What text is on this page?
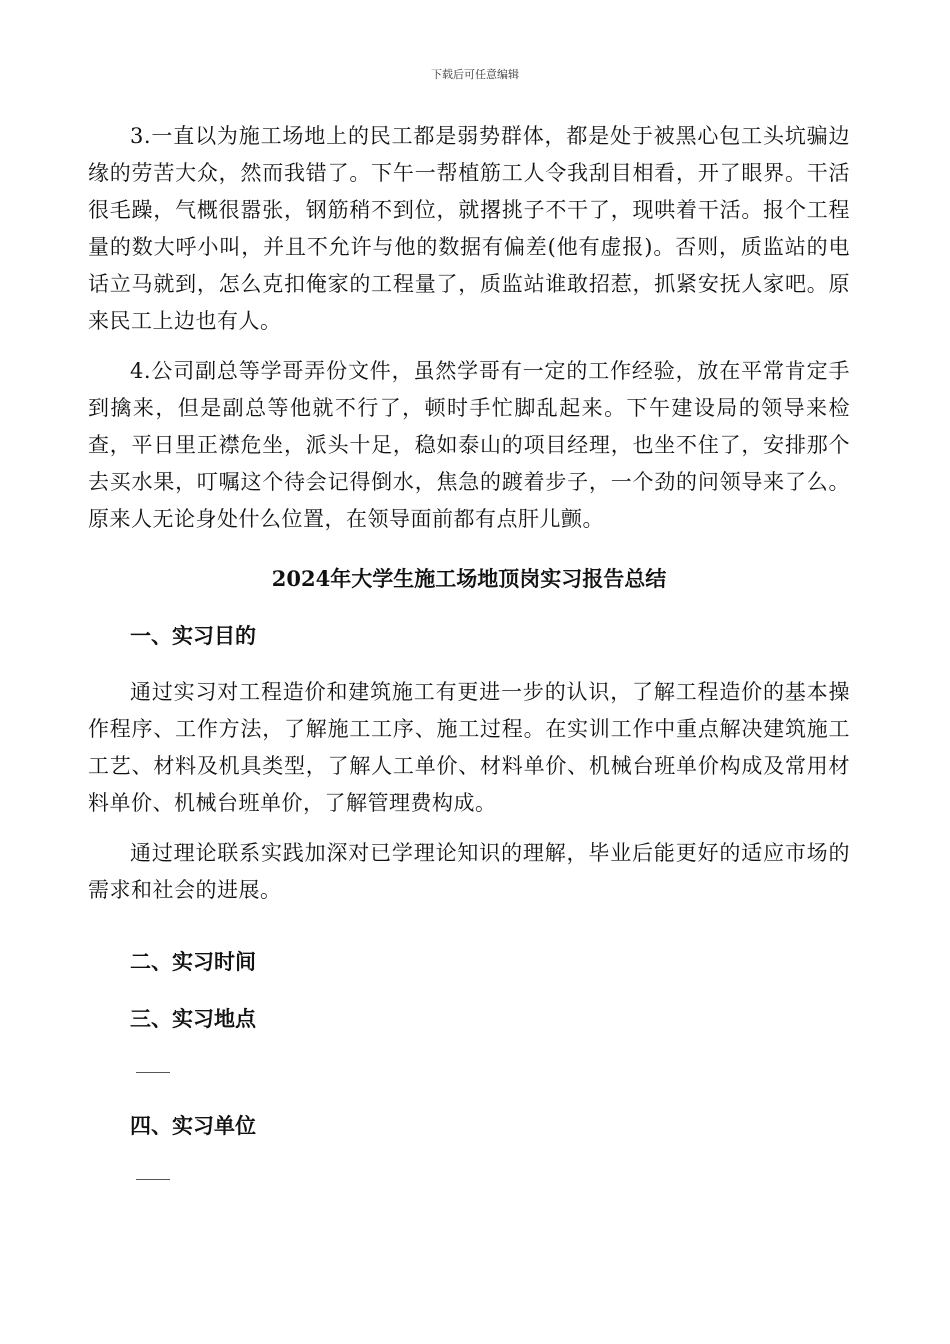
下载后可任意编辑

3.一直以为施工场地上的民工都是弱势群体，都是处于被黑心包工头坑骗边缘的劳苦大众，然而我错了。下午一帮植筋工人令我刮目相看，开了眼界。干活很毛躁，气概很嚣张，钢筋稍不到位，就撂挑子不干了，现哄着干活。报个工程量的数大呼小叫，并且不允许与他的数据有偏差(他有虚报)。否则，质监站的电话立马就到，怎么克扣俺家的工程量了，质监站谁敢招惹，抓紧安抚人家吧。原来民工上边也有人。

4.公司副总等学哥弄份文件，虽然学哥有一定的工作经验，放在平常肯定手到擒来，但是副总等他就不行了，顿时手忙脚乱起来。下午建设局的领导来检查，平日里正襟危坐，派头十足，稳如泰山的项目经理，也坐不住了，安排那个去买水果，叮嘱这个待会记得倒水，焦急的踱着步子，一个劲的问领导来了么。原来人无论身处什么位置，在领导面前都有点肝儿颤。

2024年大学生施工场地顶岗实习报告总结
一、实习目的

通过实习对工程造价和建筑施工有更进一步的认识，了解工程造价的基本操作程序、工作方法，了解施工工序、施工过程。在实训工作中重点解决建筑施工工艺、材料及机具类型，了解人工单价、材料单价、机械台班单价构成及常用材料单价、机械台班单价，了解管理费构成。

通过理论联系实践加深对已学理论知识的理解，毕业后能更好的适应市场的需求和社会的进展。

二、实习时间
三、实习地点
四、实习单位
